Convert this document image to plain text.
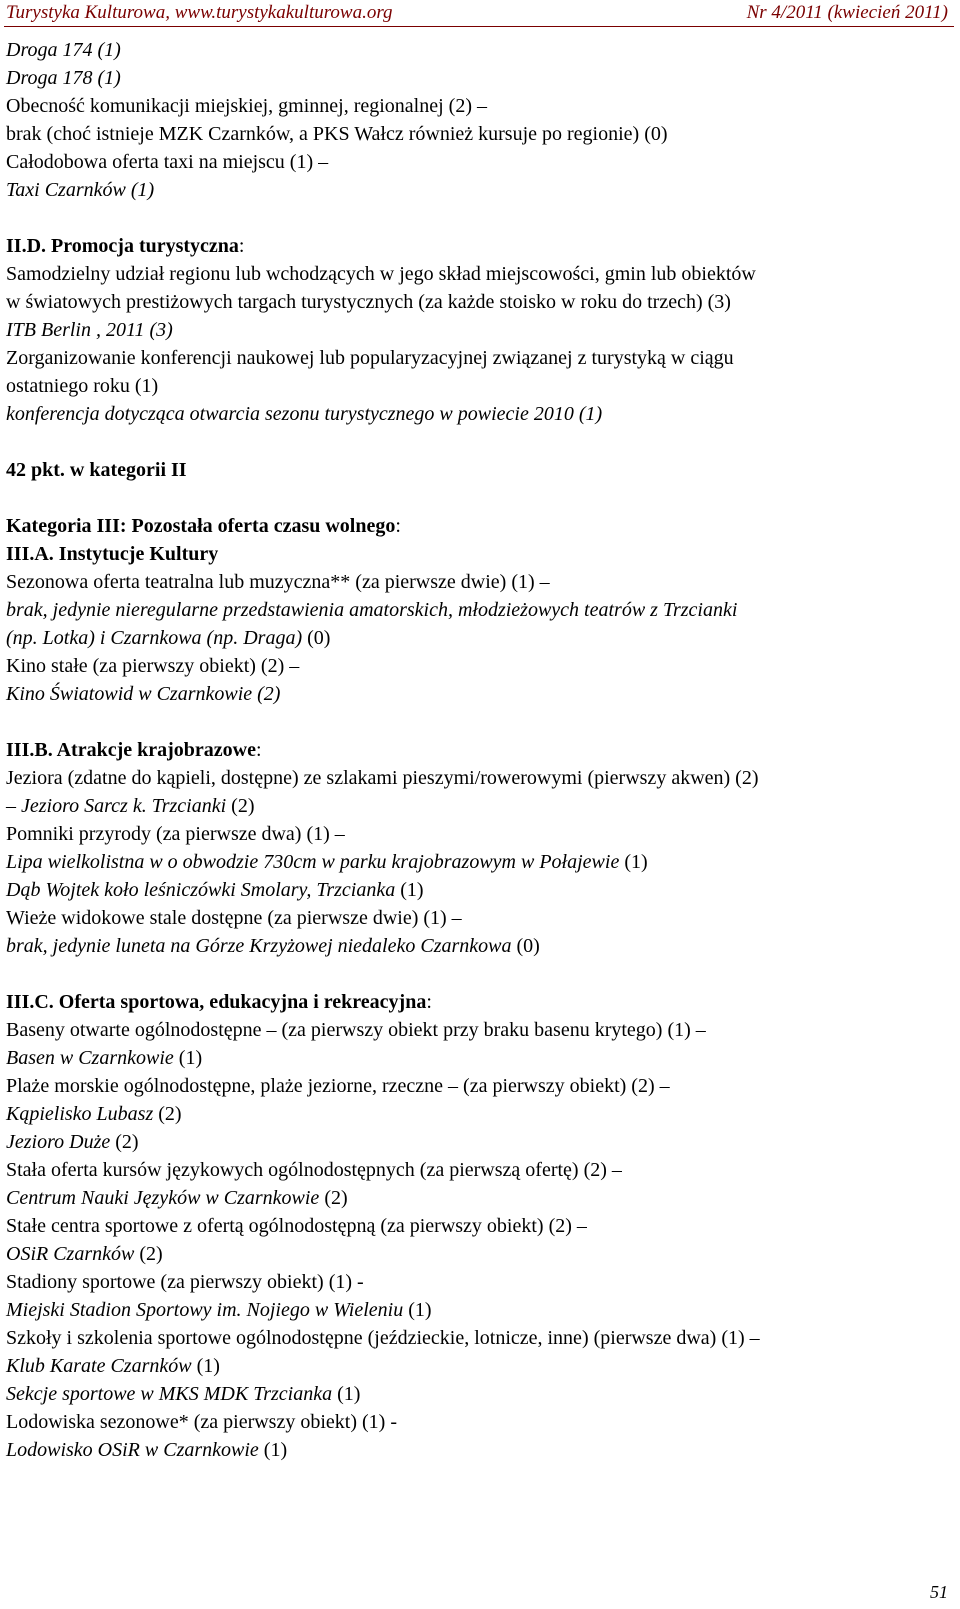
Turystyka Kulturowa, www.turystykakulturowa.org	Nr 4/2011 (kwiecień 2011)
Droga 174 (1)
Droga 178 (1)
Obecność komunikacji miejskiej, gminnej, regionalnej (2) –
brak (choć istnieje MZK Czarnków, a PKS Wałcz również kursuje po regionie) (0)
Całodobowa oferta taxi na miejscu (1) –
Taxi Czarnków (1)
II.D. Promocja turystyczna:
Samodzielny udział regionu lub wchodzących w jego skład miejscowości, gmin lub obiektów
w światowych prestiżowych targach turystycznych (za każde stoisko w roku do trzech) (3)
ITB Berlin , 2011 (3)
Zorganizowanie konferencji naukowej lub popularyzacyjnej związanej z turystyką w ciągu
ostatniego roku (1)
konferencja dotycząca otwarcia sezonu turystycznego w powiecie 2010 (1)
42 pkt. w kategorii II
Kategoria III: Pozostała oferta czasu wolnego:
III.A. Instytucje Kultury
Sezonowa oferta teatralna lub muzyczna** (za pierwsze dwie) (1) –
brak, jedynie nieregularne przedstawienia amatorskich, młodzieżowych teatrów z Trzcianki
(np. Lotka) i Czarnkowa (np. Draga) (0)
Kino stałe (za pierwszy obiekt) (2) –
Kino Światowid w Czarnkowie (2)
III.B. Atrakcje krajobrazowe:
Jeziora (zdatne do kąpieli, dostępne) ze szlakami pieszymi/rowerowymi (pierwszy akwen) (2)
– Jezioro Sarcz k. Trzcianki (2)
Pomniki przyrody (za pierwsze dwa) (1) –
Lipa wielkolistna w o obwodzie 730cm w parku krajobrazowym w Połajewie (1)
Dąb Wojtek koło leśniczówki Smolary, Trzcianka (1)
Wieże widokowe stale dostępne (za pierwsze dwie) (1) –
brak, jedynie luneta na Górze Krzyżowej niedaleko Czarnkowa (0)
III.C. Oferta sportowa, edukacyjna i rekreacyjna:
Baseny otwarte ogólnodostępne – (za pierwszy obiekt przy braku basenu krytego) (1) –
Basen w Czarnkowie (1)
Plaże morskie ogólnodostępne, plaże jeziorne, rzeczne – (za pierwszy obiekt) (2) –
Kąpielisko Lubasz (2)
Jezioro Duże (2)
Stała oferta kursów językowych ogólnodostępnych (za pierwszą ofertę) (2) –
Centrum Nauki Języków w Czarnkowie (2)
Stałe centra sportowe z ofertą ogólnodostępną (za pierwszy obiekt) (2) –
OSiR Czarnków (2)
Stadiony sportowe (za pierwszy obiekt) (1) -
Miejski Stadion Sportowy im. Nojiego w Wieleniu (1)
Szkoły i szkolenia sportowe ogólnodostępne (jeździeckie, lotnicze, inne) (pierwsze dwa) (1) –
Klub Karate Czarnków (1)
Sekcje sportowe w MKS MDK Trzcianka (1)
Lodowiska sezonowe* (za pierwszy obiekt) (1) -
Lodowisko OSiR w Czarnkowie (1)
51
